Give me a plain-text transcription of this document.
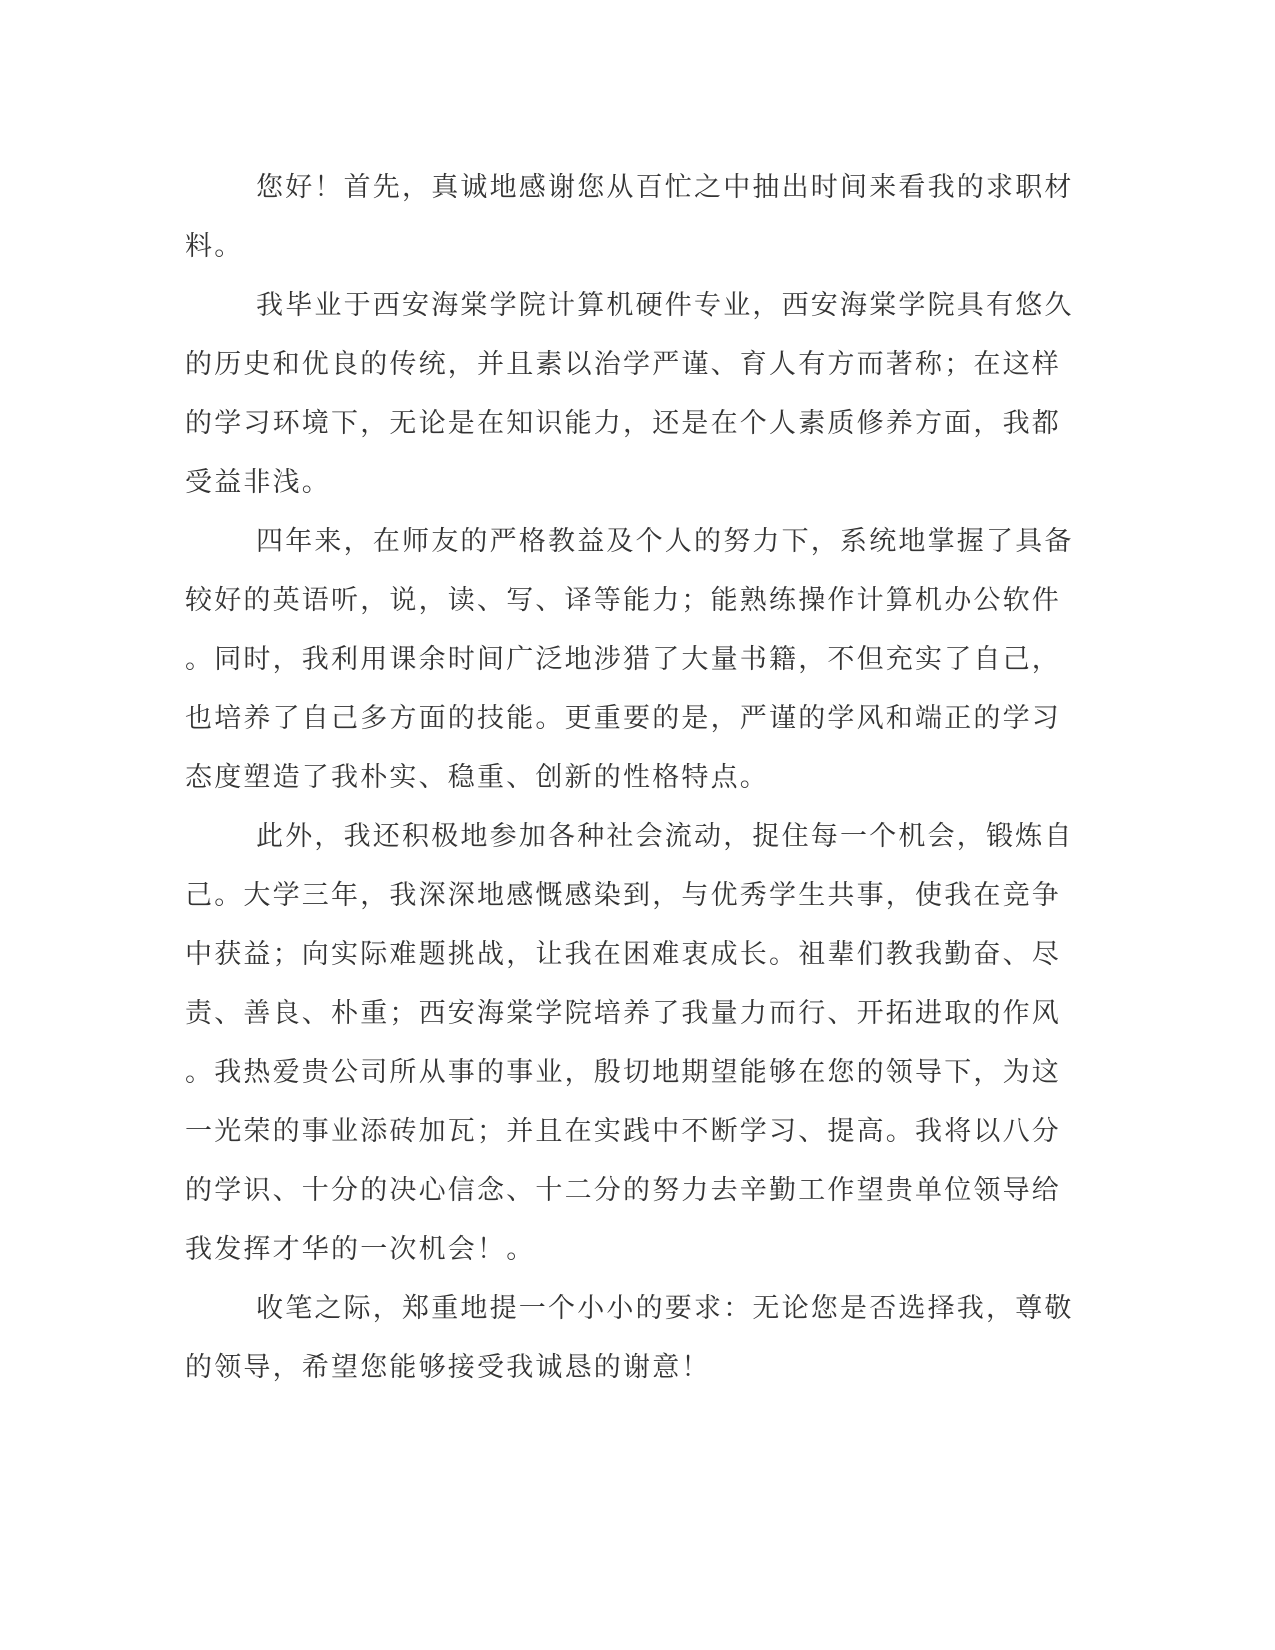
您好！首先，真诚地感谢您从百忙之中抽出时间来看我的求职材

料。

我毕业于西安海棠学院计算机硬件专业，西安海棠学院具有悠久

的历史和优良的传统，并且素以治学严谨、育人有方而著称；在这样

的学习环境下，无论是在知识能力，还是在个人素质修养方面，我都

受益非浅。

四年来，在师友的严格教益及个人的努力下，系统地掌握了具备

较好的英语听，说，读、写、译等能力；能熟练操作计算机办公软件

。同时，我利用课余时间广泛地涉猎了大量书籍，不但充实了自己，

也培养了自己多方面的技能。更重要的是，严谨的学风和端正的学习

态度塑造了我朴实、稳重、创新的性格特点。

此外，我还积极地参加各种社会流动，捉住每一个机会，锻炼自

己。大学三年，我深深地感慨感染到，与优秀学生共事，使我在竞争

中获益；向实际难题挑战，让我在困难衷成长。祖辈们教我勤奋、尽

责、善良、朴重；西安海棠学院培养了我量力而行、开拓进取的作风

。我热爱贵公司所从事的事业，殷切地期望能够在您的领导下，为这

一光荣的事业添砖加瓦；并且在实践中不断学习、提高。我将以八分

的学识、十分的决心信念、十二分的努力去辛勤工作望贵单位领导给

我发挥才华的一次机会！。

收笔之际，郑重地提一个小小的要求：无论您是否选择我，尊敬

的领导，希望您能够接受我诚恳的谢意！
